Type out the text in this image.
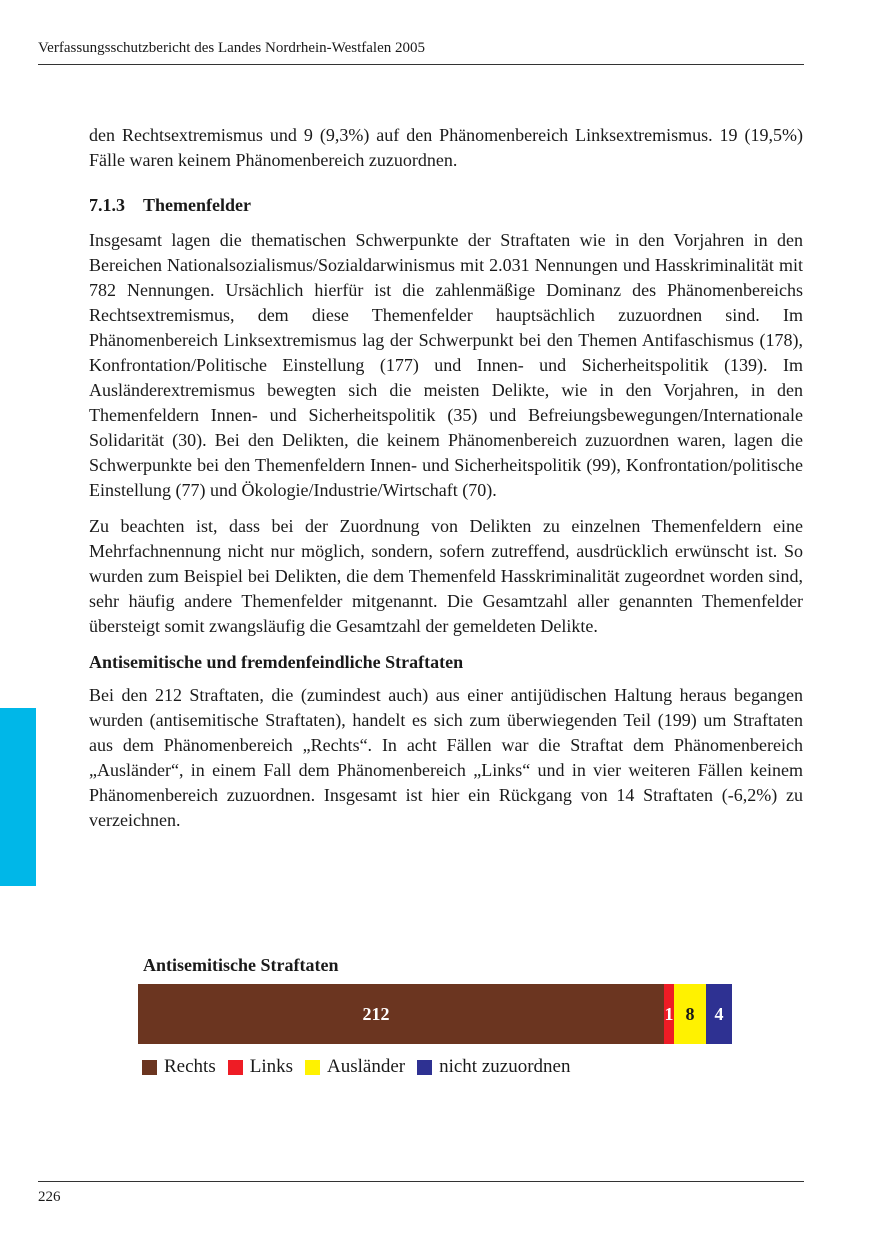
Verfassungsschutzbericht des Landes Nordrhein-Westfalen 2005

den Rechtsextremismus und 9 (9,3%) auf den Phänomenbereich Linksextremismus. 19 (19,5%) Fälle waren keinem Phänomenbereich zuzuordnen.

7.1.3 Themenfelder

Insgesamt lagen die thematischen Schwerpunkte der Straftaten wie in den Vorjahren in den Bereichen Nationalsozialismus/Sozialdarwinismus mit 2.031 Nennungen und Hasskriminalität mit 782 Nennungen. Ursächlich hierfür ist die zahlenmäßige Dominanz des Phänomenbereichs Rechtsextremismus, dem diese Themenfelder hauptsächlich zuzuordnen sind. Im Phänomenbereich Linksextremismus lag der Schwerpunkt bei den Themen Antifaschismus (178), Konfrontation/Politische Einstellung (177) und Innen- und Sicherheitspolitik (139). Im Ausländerextremismus bewegten sich die meisten Delikte, wie in den Vorjahren, in den Themenfeldern Innen- und Sicherheitspolitik (35) und Befreiungsbewegungen/Internationale Solidarität (30). Bei den Delikten, die keinem Phänomenbereich zuzuordnen waren, lagen die Schwerpunkte bei den Themenfeldern Innen- und Sicherheitspolitik (99), Konfrontation/politische Einstellung (77) und Ökologie/Industrie/Wirtschaft (70).

Zu beachten ist, dass bei der Zuordnung von Delikten zu einzelnen Themenfeldern eine Mehrfachnennung nicht nur möglich, sondern, sofern zutreffend, ausdrücklich erwünscht ist. So wurden zum Beispiel bei Delikten, die dem Themenfeld Hasskriminalität zugeordnet worden sind, sehr häufig andere Themenfelder mitgenannt. Die Gesamtzahl aller genannten Themenfelder übersteigt somit zwangsläufig die Gesamtzahl der gemeldeten Delikte.

Antisemitische und fremdenfeindliche Straftaten

Bei den 212 Straftaten, die (zumindest auch) aus einer antijüdischen Haltung heraus begangen wurden (antisemitische Straftaten), handelt es sich zum überwiegenden Teil (199) um Straftaten aus dem Phänomenbereich „Rechts“. In acht Fällen war die Straftat dem Phänomenbereich „Ausländer“, in einem Fall dem Phänomenbereich „Links“ und in vier weiteren Fällen keinem Phänomenbereich zuzuordnen. Insgesamt ist hier ein Rückgang von 14 Straftaten (-6,2%) zu verzeichnen.

Antisemitische Straftaten
212	1 8 4
Rechts Links Ausländer nicht zuzuordnen
226
